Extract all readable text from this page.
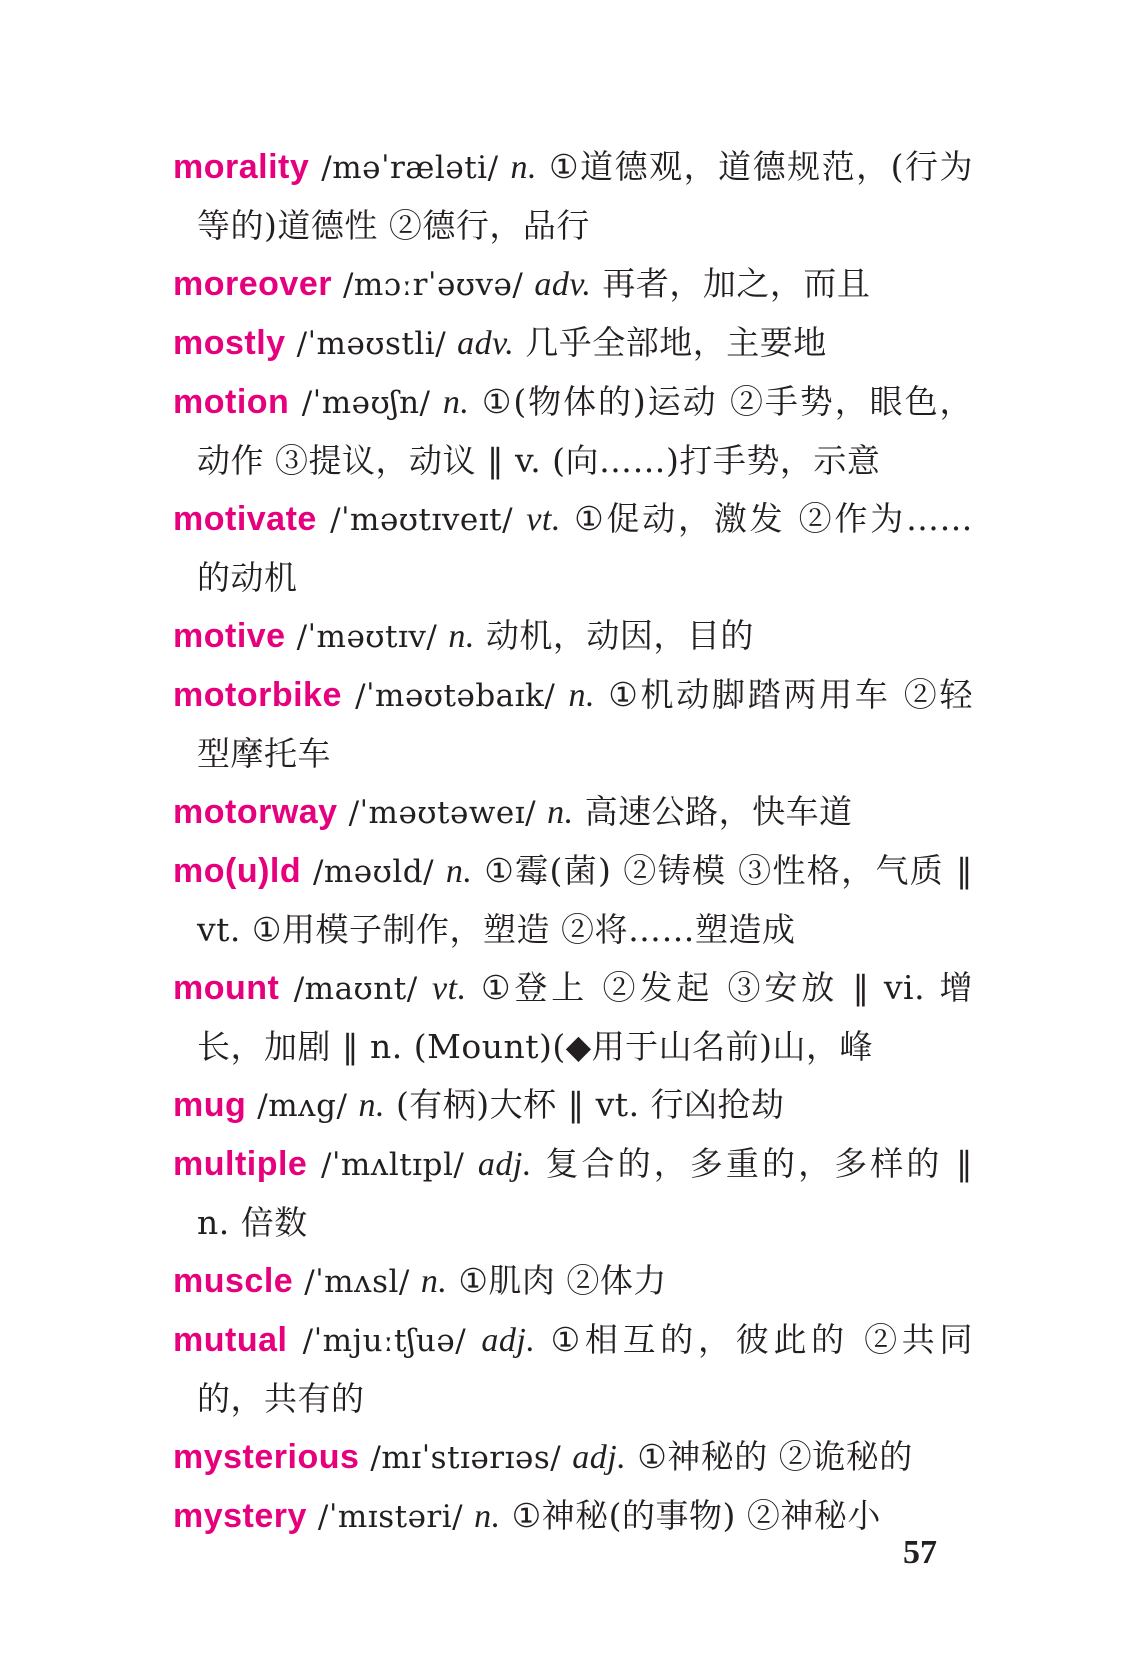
morality /məˈræləti/ n. ①道德观，道德规范，(行为等的)道德性 ②德行，品行

moreover /mɔːrˈəʊvə/ adv. 再者，加之，而且

mostly /ˈməʊstli/ adv. 几乎全部地，主要地

motion /ˈməʊʃn/ n. ①(物体的)运动 ②手势，眼色，动作 ③提议，动议 ‖ v. (向……)打手势，示意

motivate /ˈməʊtɪveɪt/ vt. ①促动，激发 ②作为……的动机

motive /ˈməʊtɪv/ n. 动机，动因，目的

motorbike /ˈməʊtəbaɪk/ n. ①机动脚踏两用车 ②轻型摩托车

motorway /ˈməʊtəweɪ/ n. 高速公路，快车道

mo(u)ld /məʊld/ n. ①霉(菌) ②铸模 ③性格，气质 ‖ vt. ①用模子制作，塑造 ②将……塑造成

mount /maʊnt/ vt. ①登上 ②发起 ③安放 ‖ vi. 增长，加剧 ‖ n. (Mount)(◆用于山名前)山，峰

mug /mʌg/ n. (有柄)大杯 ‖ vt. 行凶抢劫

multiple /ˈmʌltɪpl/ adj. 复合的，多重的，多样的 ‖ n. 倍数

muscle /ˈmʌsl/ n. ①肌肉 ②体力

mutual /ˈmjuːtʃuə/ adj. ①相互的，彼此的 ②共同的，共有的

mysterious /mɪˈstɪərɪəs/ adj. ①神秘的 ②诡秘的

mystery /ˈmɪstəri/ n. ①神秘(的事物) ②神秘小

57
